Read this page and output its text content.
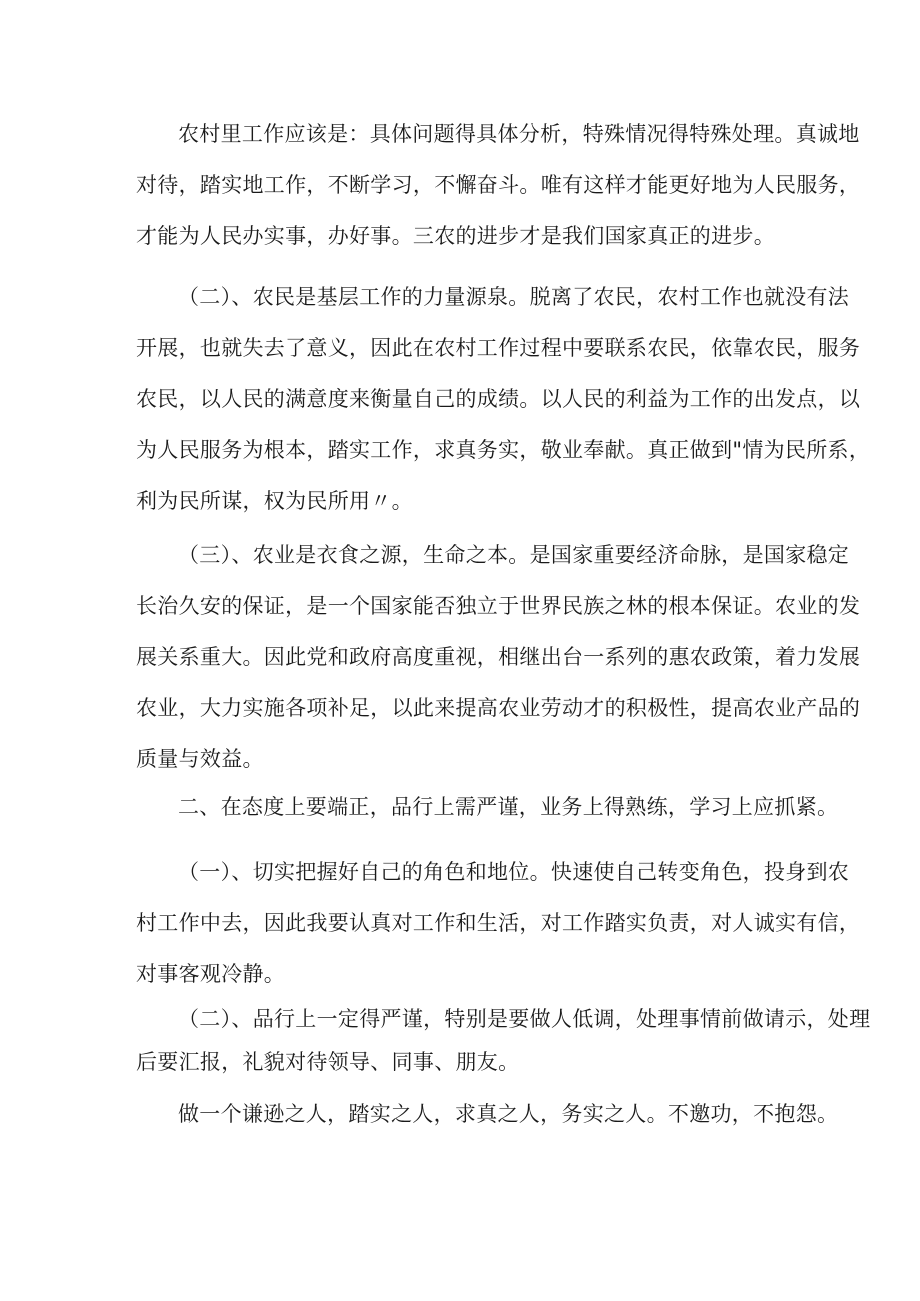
农村里工作应该是：具体问题得具体分析，特殊情况得特殊处理。真诚地
对待，踏实地工作，不断学习，不懈奋斗。唯有这样才能更好地为人民服务，
才能为人民办实事，办好事。三农的进步才是我们国家真正的进步。
（二）、农民是基层工作的力量源泉。脱离了农民，农村工作也就没有法
开展，也就失去了意义，因此在农村工作过程中要联系农民，依靠农民，服务
农民，以人民的满意度来衡量自己的成绩。以人民的利益为工作的出发点，以
为人民服务为根本，踏实工作，求真务实，敬业奉献。真正做到"情为民所系，
利为民所谋，权为民所用〃。
（三）、农业是衣食之源，生命之本。是国家重要经济命脉，是国家稳定
长治久安的保证，是一个国家能否独立于世界民族之林的根本保证。农业的发
展关系重大。因此党和政府高度重视，相继出台一系列的惠农政策，着力发展
农业，大力实施各项补足，以此来提高农业劳动才的积极性，提高农业产品的
质量与效益。
二、在态度上要端正，品行上需严谨，业务上得熟练，学习上应抓紧。
（一）、切实把握好自己的角色和地位。快速使自己转变角色，投身到农
村工作中去，因此我要认真对工作和生活，对工作踏实负责，对人诚实有信，
对事客观冷静。
（二）、品行上一定得严谨，特别是要做人低调，处理事情前做请示，处理
后要汇报，礼貌对待领导、同事、朋友。
做一个谦逊之人，踏实之人，求真之人，务实之人。不邀功，不抱怨。
